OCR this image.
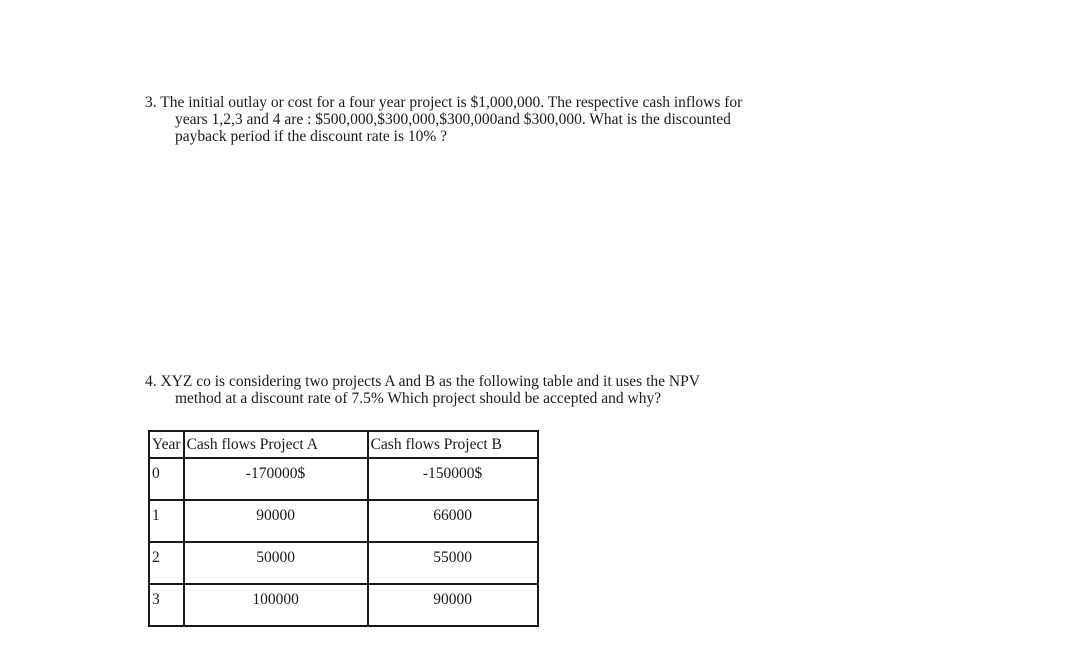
3. The initial outlay or cost for a four year project is $1,000,000. The respective cash inflows for
years 1,2,3 and 4 are : $500,000,$300,000,$300,000and $300,000. What is the discounted
payback period if the discount rate is 10% ?
4. XYZ co is considering two projects A and B as the following table and it uses the NPV
method at a discount rate of 7.5% Which project should be accepted and why?
Year	Cash flows Project A	Cash flows Project B
0	-170000$	-150000$
1	90000	66000
2	50000	55000
3	100000	90000
